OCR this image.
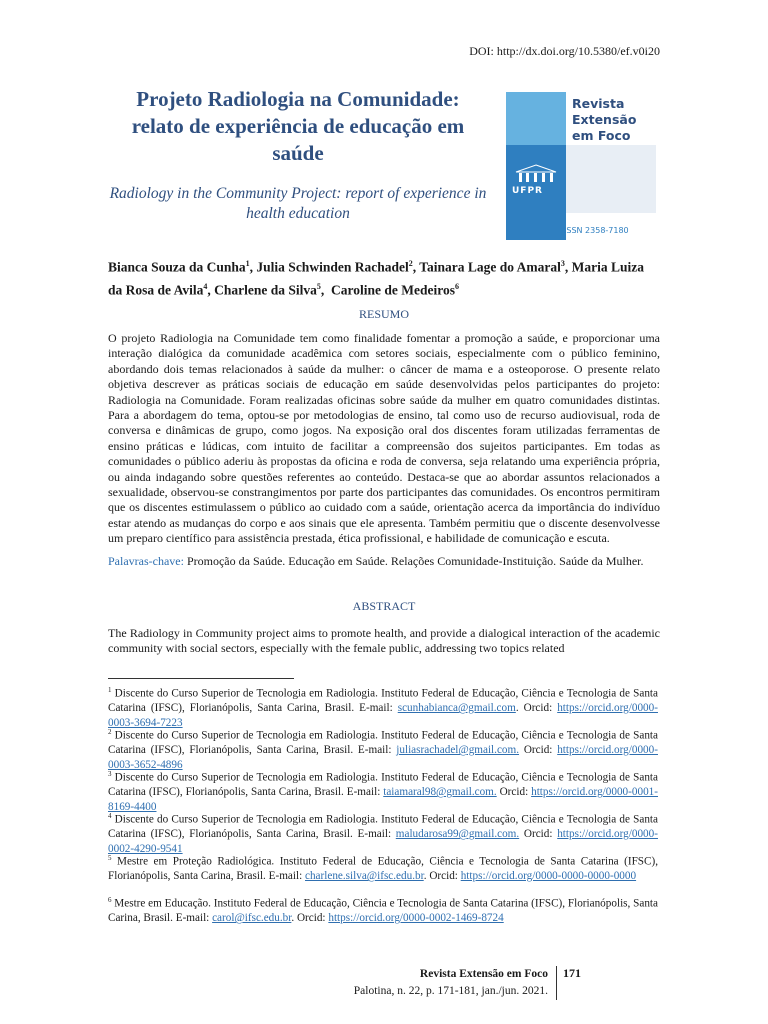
DOI: http://dx.doi.org/10.5380/ef.v0i20
Projeto Radiologia na Comunidade: relato de experiência de educação em saúde
Radiology in the Community Project: report of experience in health education
Revista
Extensão
em Foco
UFPR
ISSN 2358-7180
Bianca Souza da Cunha$^1$, Julia Schwinden Rachadel$^2$, Tainara Lage do Amaral$^3$, Maria Luiza da Rosa de Avila$^4$, Charlene da Silva$^5$,  Caroline de Medeiros$^6$
RESUMO
O projeto Radiologia na Comunidade tem como finalidade fomentar a promoção a saúde, e proporcionar uma interação dialógica da comunidade acadêmica com setores sociais, especialmente com o público feminino, abordando dois temas relacionados à saúde da mulher: o câncer de mama e a osteoporose. O presente relato objetiva descrever as práticas sociais de educação em saúde desenvolvidas pelos participantes do projeto: Radiologia na Comunidade. Foram realizadas oficinas sobre saúde da mulher em quatro comunidades distintas. Para a abordagem do tema, optou-se por metodologias de ensino, tal como uso de recurso audiovisual, roda de conversa e dinâmicas de grupo, como jogos. Na exposição oral dos discentes foram utilizadas ferramentas de ensino práticas e lúdicas, com intuito de facilitar a compreensão dos sujeitos participantes. Em todas as comunidades o público aderiu às propostas da oficina e roda de conversa, seja relatando uma experiência própria, ou ainda indagando sobre questões referentes ao conteúdo. Destaca-se que ao abordar assuntos relacionados a sexualidade, observou-se constrangimentos por parte dos participantes das comunidades. Os encontros permitiram que os discentes estimulassem o público ao cuidado com a saúde, orientação acerca da importância do indivíduo estar atendo as mudanças do corpo e aos sinais que ele apresenta. Também permitiu que o discente desenvolvesse um preparo científico para assistência prestada, ética profissional, e habilidade de comunicação e escuta.
Palavras-chave: Promoção da Saúde. Educação em Saúde. Relações Comunidade-Instituição. Saúde da Mulher.
ABSTRACT
The Radiology in Community project aims to promote health, and provide a dialogical interaction of the academic community with social sectors, especially with the female public, addressing two topics related
$^1$ Discente do Curso Superior de Tecnologia em Radiologia. Instituto Federal de Educação, Ciência e Tecnologia de Santa Catarina (IFSC), Florianópolis, Santa Carina, Brasil. E-mail: scunhabianca@gmail.com. Orcid: https://orcid.org/0000-0003-3694-7223
$^2$ Discente do Curso Superior de Tecnologia em Radiologia. Instituto Federal de Educação, Ciência e Tecnologia de Santa Catarina (IFSC), Florianópolis, Santa Carina, Brasil. E-mail: juliasrachadel@gmail.com. Orcid: https://orcid.org/0000-0003-3652-4896
$^3$ Discente do Curso Superior de Tecnologia em Radiologia. Instituto Federal de Educação, Ciência e Tecnologia de Santa Catarina (IFSC), Florianópolis, Santa Carina, Brasil. E-mail: taiamaral98@gmail.com. Orcid: https://orcid.org/0000-0001-8169-4400
$^4$ Discente do Curso Superior de Tecnologia em Radiologia. Instituto Federal de Educação, Ciência e Tecnologia de Santa Catarina (IFSC), Florianópolis, Santa Carina, Brasil. E-mail: maludarosa99@gmail.com. Orcid: https://orcid.org/0000-0002-4290-9541
$^5$ Mestre em Proteção Radiológica. Instituto Federal de Educação, Ciência e Tecnologia de Santa Catarina (IFSC), Florianópolis, Santa Carina, Brasil. E-mail: charlene.silva@ifsc.edu.br. Orcid: https://orcid.org/0000-0000-0000-0000
$^6$ Mestre em Educação. Instituto Federal de Educação, Ciência e Tecnologia de Santa Catarina (IFSC), Florianópolis, Santa Carina, Brasil. E-mail: carol@ifsc.edu.br. Orcid: https://orcid.org/0000-0002-1469-8724
Revista Extensão em Foco
Palotina, n. 22, p. 171-181, jan./jun. 2021.
171
